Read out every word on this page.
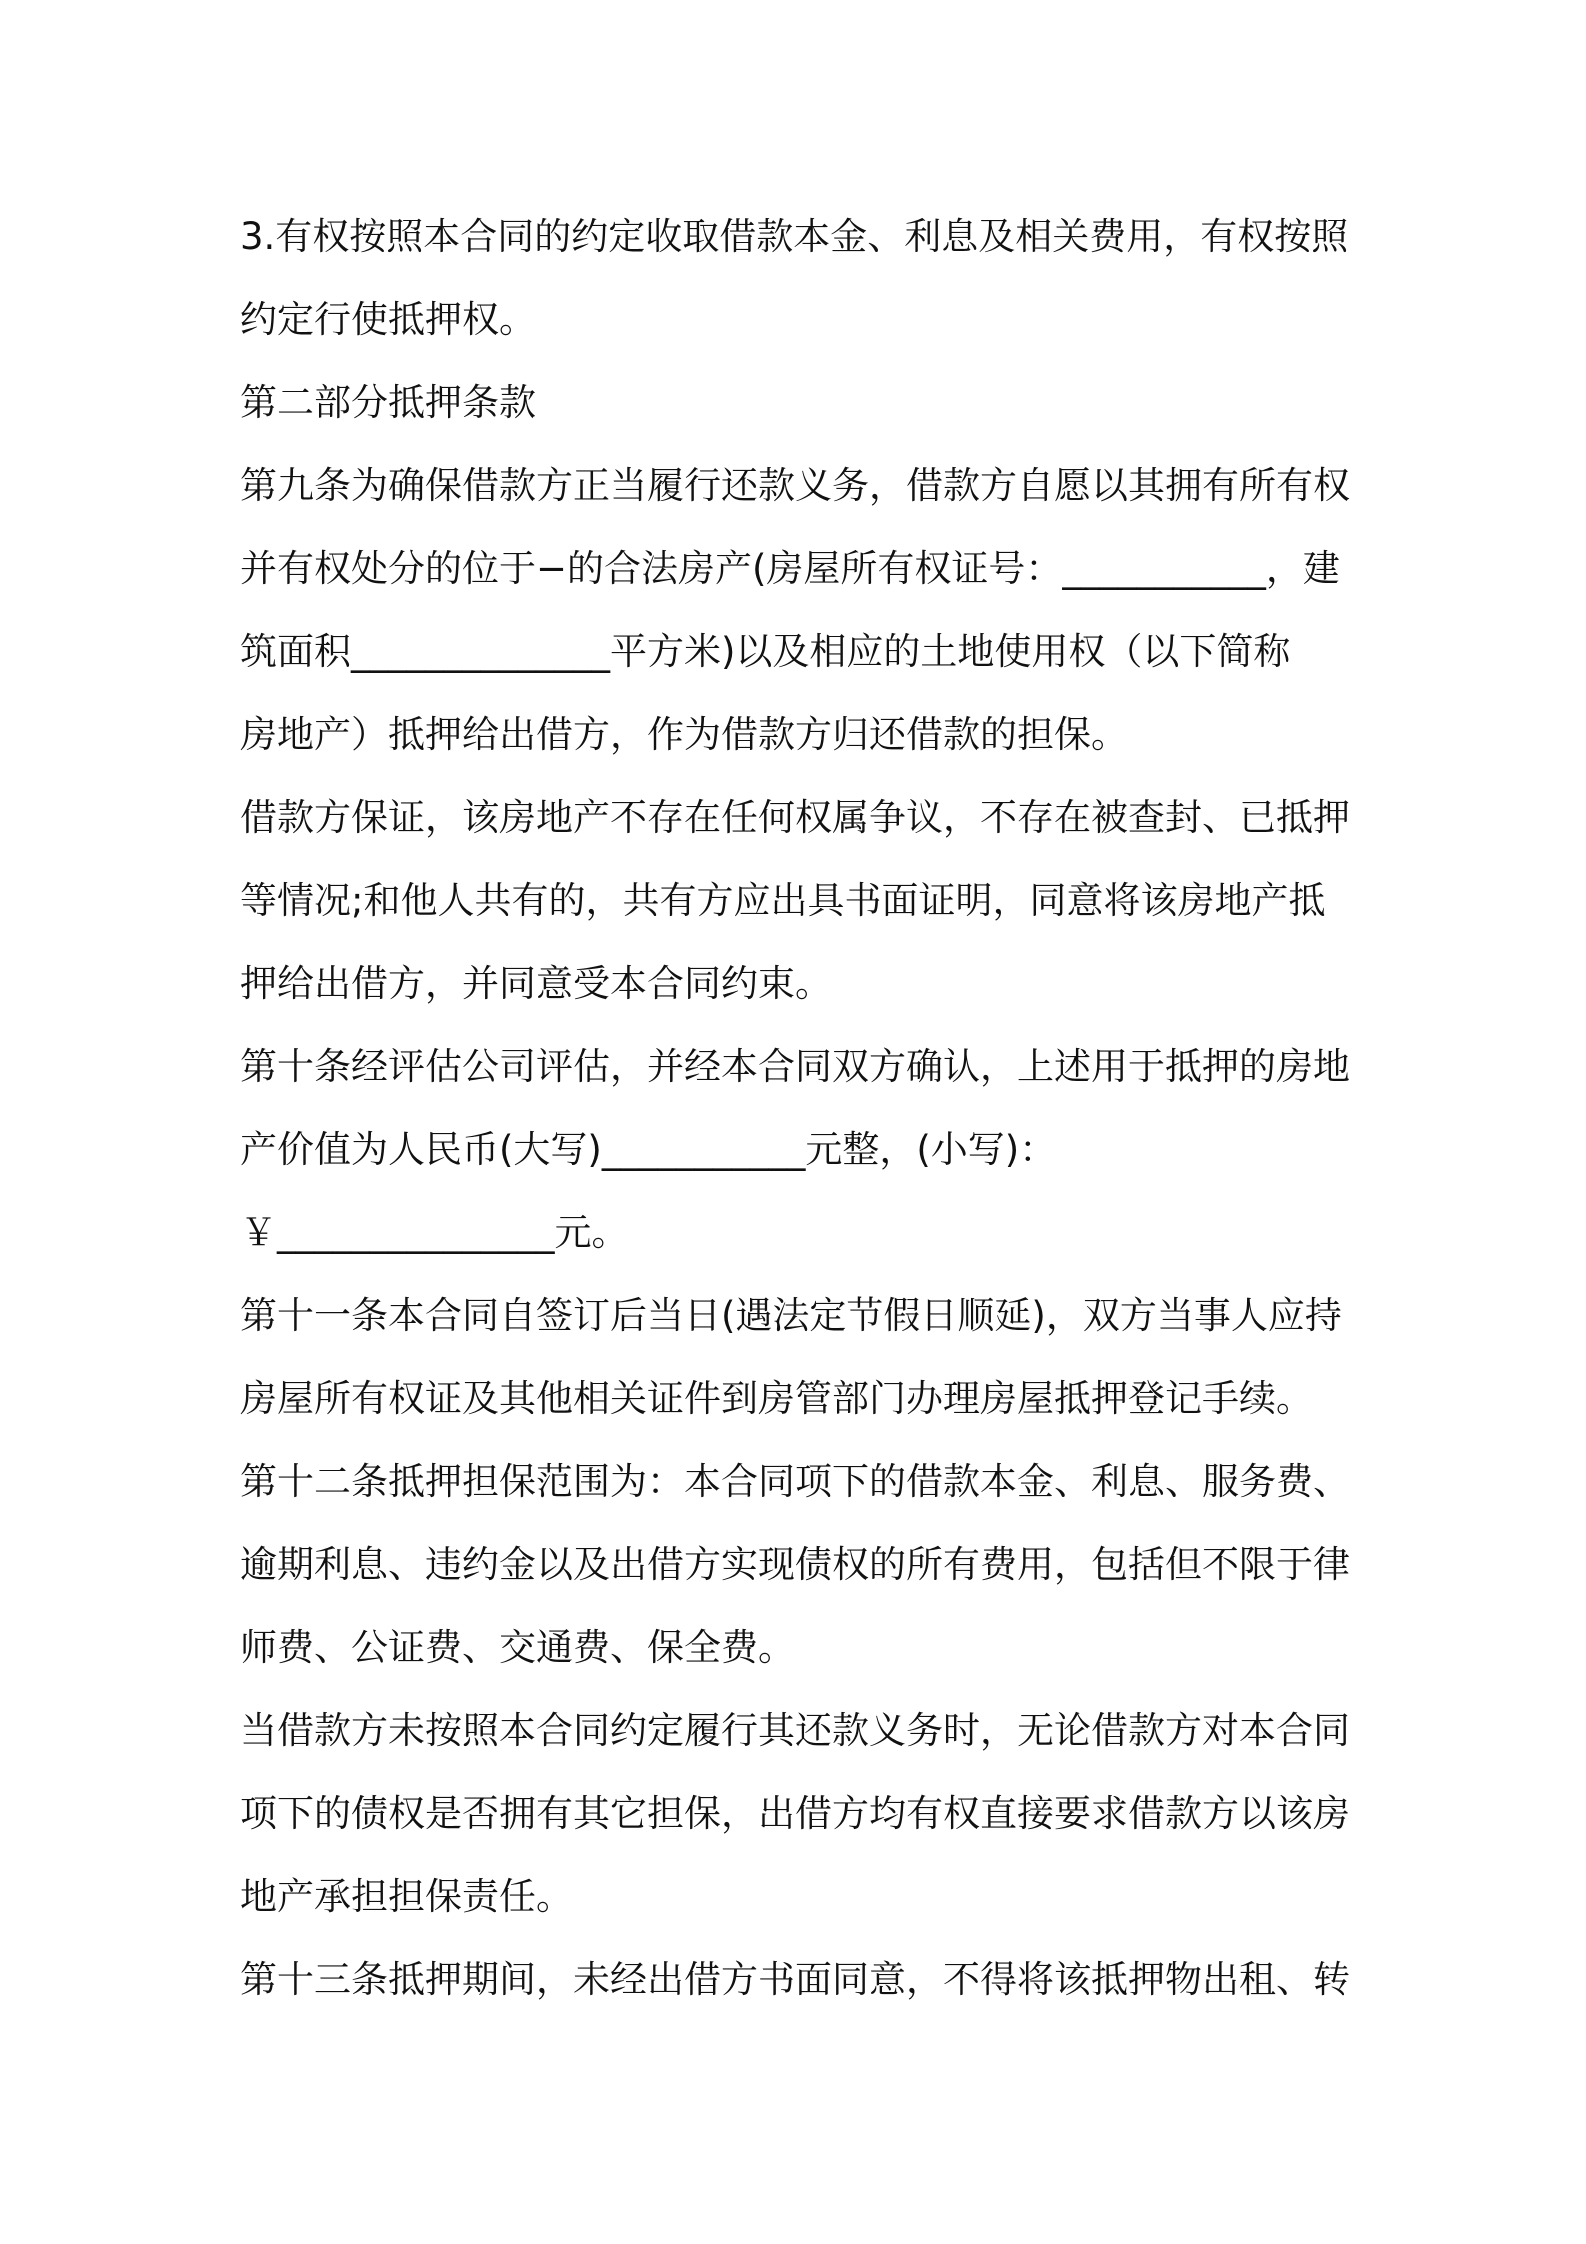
3.有权按照本合同的约定收取借款本金、利息及相关费用，有权按照
约定行使抵押权。
第二部分抵押条款
第九条为确保借款方正当履行还款义务，借款方自愿以其拥有所有权
并有权处分的位于−的合法房产(房屋所有权证号：___________，建
筑面积______________平方米)以及相应的土地使用权（以下简称
房地产）抵押给出借方，作为借款方归还借款的担保。
借款方保证，该房地产不存在任何权属争议，不存在被查封、已抵押
等情况;和他人共有的，共有方应出具书面证明，同意将该房地产抵
押给出借方，并同意受本合同约束。
第十条经评估公司评估，并经本合同双方确认，上述用于抵押的房地
产价值为人民币(大写)___________元整，(小写)：
￥_______________元。
第十一条本合同自签订后当日(遇法定节假日顺延)，双方当事人应持
房屋所有权证及其他相关证件到房管部门办理房屋抵押登记手续。
第十二条抵押担保范围为：本合同项下的借款本金、利息、服务费、
逾期利息、违约金以及出借方实现债权的所有费用，包括但不限于律
师费、公证费、交通费、保全费。
当借款方未按照本合同约定履行其还款义务时，无论借款方对本合同
项下的债权是否拥有其它担保，出借方均有权直接要求借款方以该房
地产承担担保责任。
第十三条抵押期间，未经出借方书面同意，不得将该抵押物出租、转
